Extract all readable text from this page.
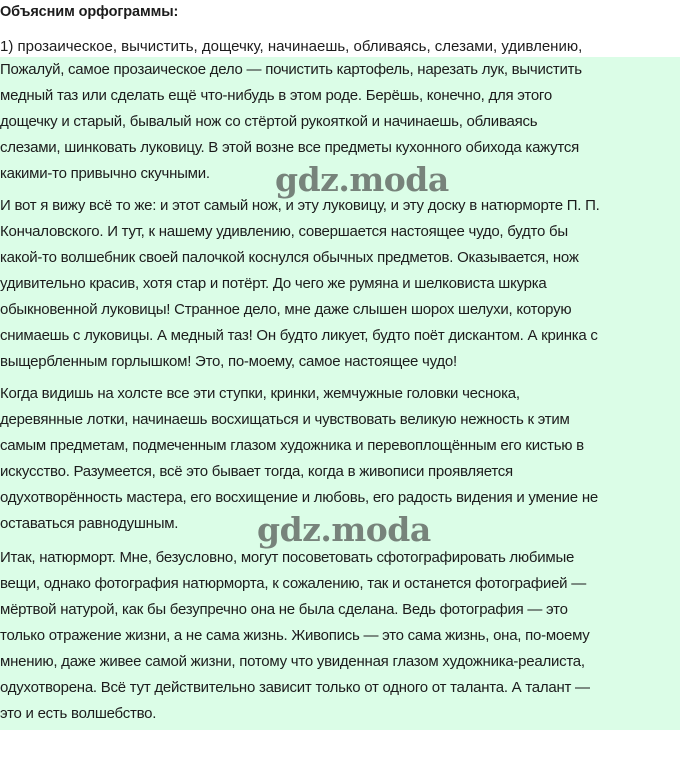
Объясним орфограммы:
1) прозаическое, вычистить, дощечку, начинаешь, обливаясь, слезами, удивлению,
Пожалуй, самое прозаическое дело — почистить картофель, нарезать лук, вычистить
медный таз или сделать ещё что-нибудь в этом роде. Берёшь, конечно, для этого
дощечку и старый, бывалый нож со стёртой рукояткой и начинаешь, обливаясь
слезами, шинковать луковицу. В этой возне все предметы кухонного обихода кажутся
какими-то привычно скучными.
И вот я вижу всё то же: и этот самый нож, и эту луковицу, и эту доску в натюрморте П. П.
Кончаловского. И тут, к нашему удивлению, совершается настоящее чудо, будто бы
какой-то волшебник своей палочкой коснулся обычных предметов. Оказывается, нож
удивительно красив, хотя стар и потёрт. До чего же румяна и шелковиста шкурка
обыкновенной луковицы! Странное дело, мне даже слышен шорох шелухи, которую
снимаешь с луковицы. А медный таз! Он будто ликует, будто поёт дискантом. А кринка с
выщербленным горлышком! Это, по-моему, самое настоящее чудо!
Когда видишь на холсте все эти ступки, кринки, жемчужные головки чеснока,
деревянные лотки, начинаешь восхищаться и чувствовать великую нежность к этим
самым предметам, подмеченным глазом художника и перевоплощённым его кистью в
искусство. Разумеется, всё это бывает тогда, когда в живописи проявляется
одухотворённость мастера, его восхищение и любовь, его радость видения и умение не
оставаться равнодушным.
Итак, натюрморт. Мне, безусловно, могут посоветовать сфотографировать любимые
вещи, однако фотография натюрморта, к сожалению, так и останется фотографией —
мёртвой натурой, как бы безупречно она не была сделана. Ведь фотография — это
только отражение жизни, а не сама жизнь. Живопись — это сама жизнь, она, по-моему
мнению, даже живее самой жизни, потому что увиденная глазом художника-реалиста,
одухотворена. Всё тут действительно зависит только от одного от таланта. А талант —
это и есть волшебство.
gdz.moda
gdz.moda
